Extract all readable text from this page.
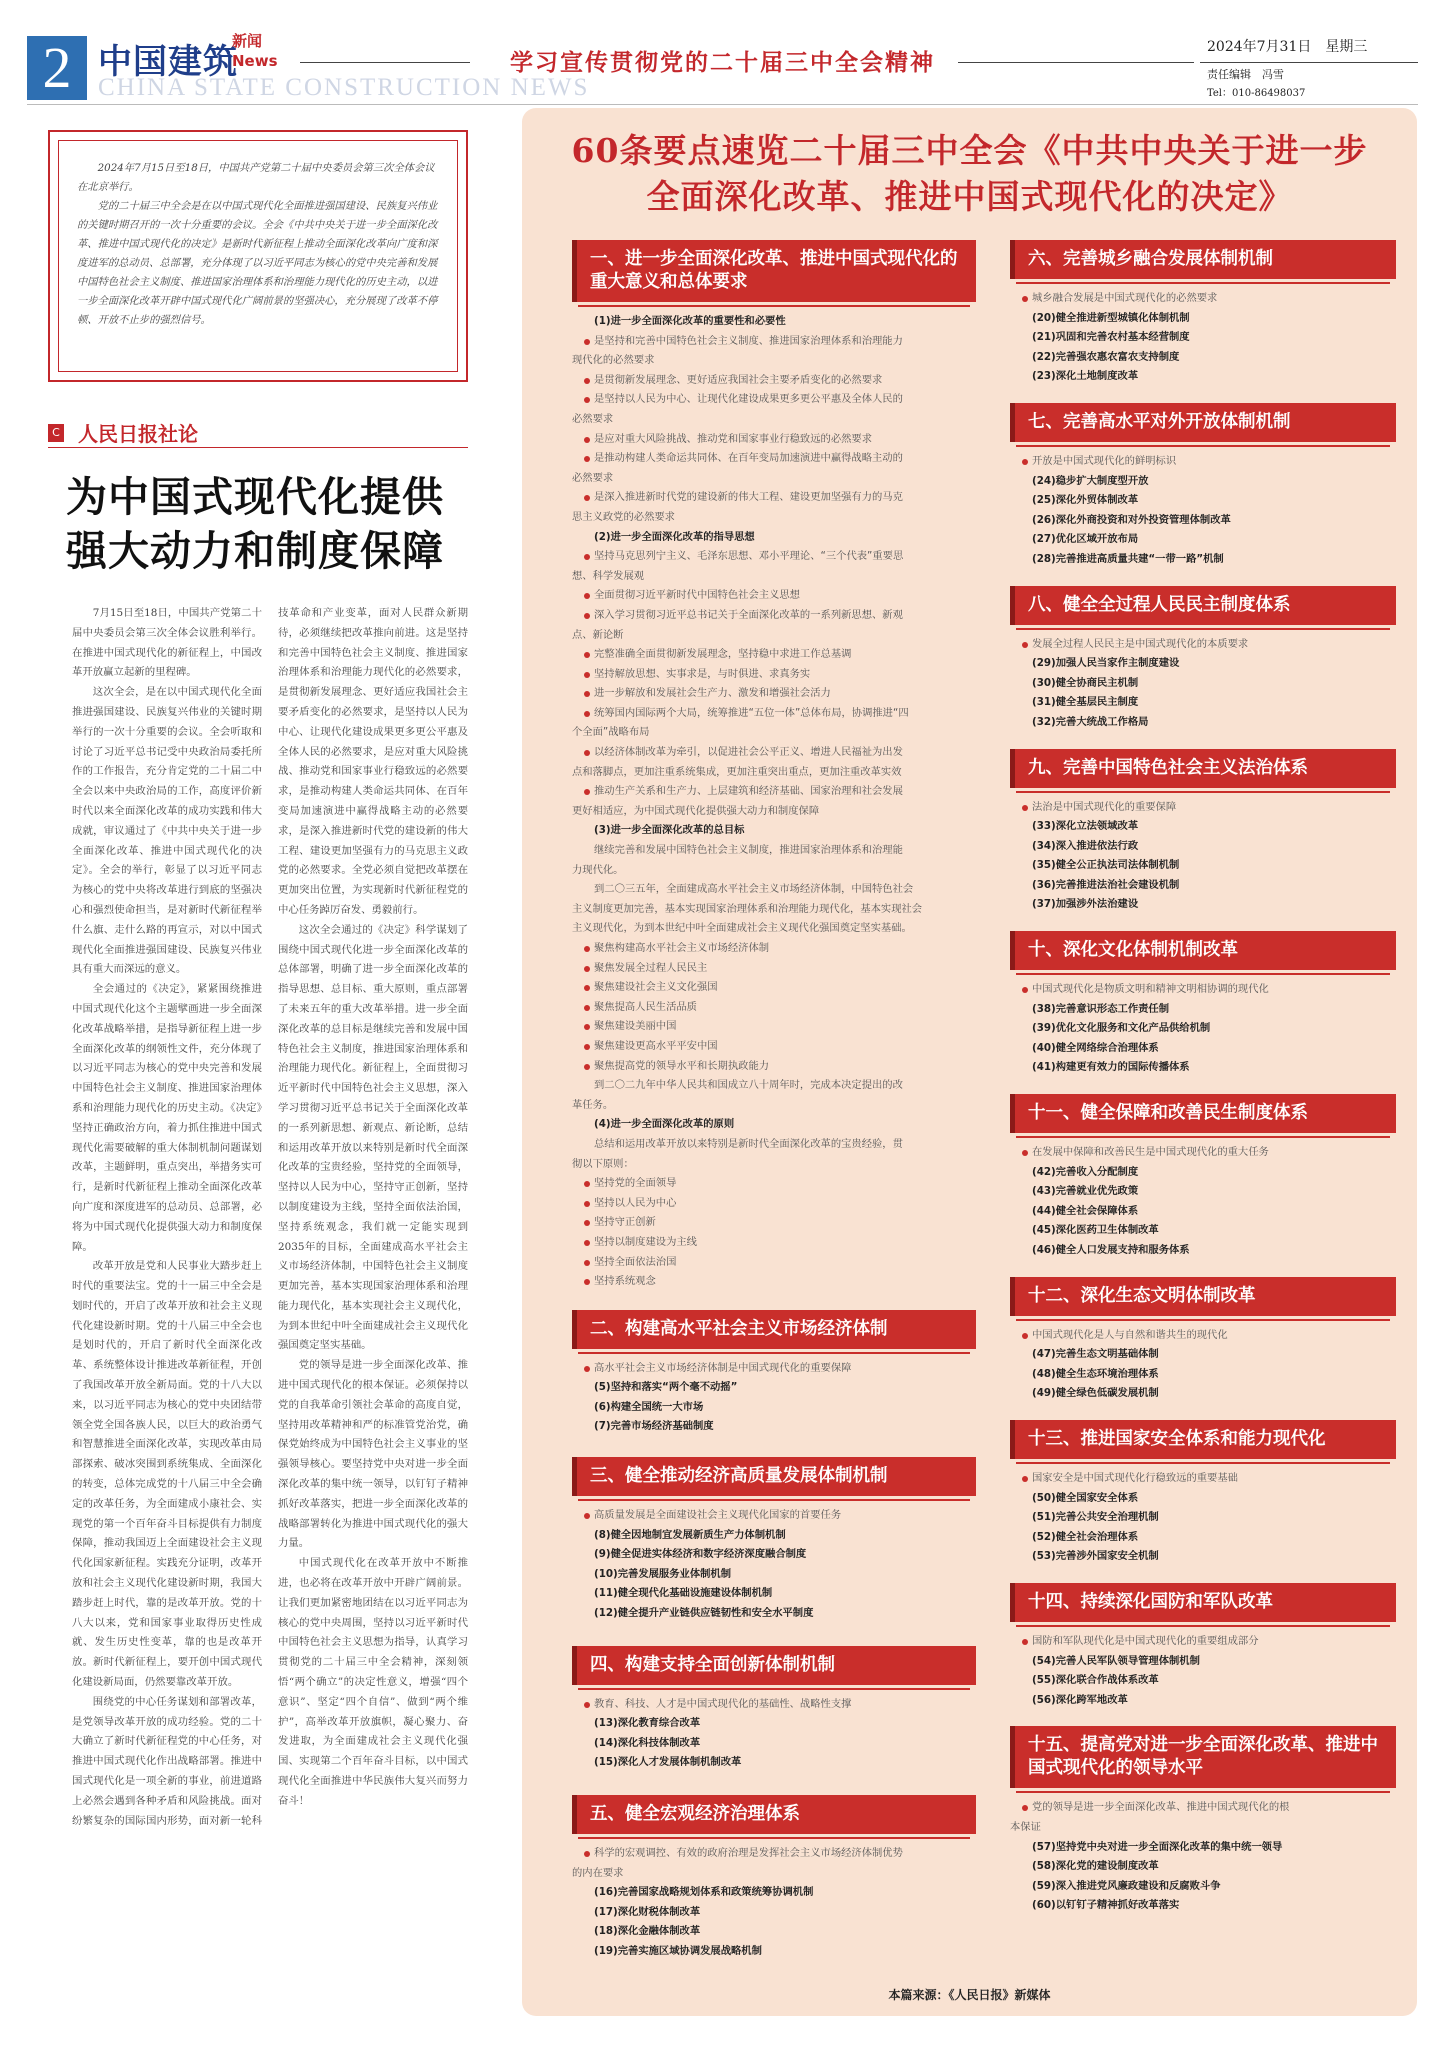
2 中国建筑
新闻
News
CHINA STATE CONSTRUCTION NEWS
学习宣传贯彻党的二十届三中全会精神
2024年7月31日　星期三
责任编辑　冯雪
Tel：010-86498037

2024年7月15日至18日，中国共产党第二十届中央委员会第三次全体会议在北京举行。

党的二十届三中全会是在以中国式现代化全面推进强国建设、民族复兴伟业的关键时期召开的一次十分重要的会议。全会《中共中央关于进一步全面深化改革、推进中国式现代化的决定》是新时代新征程上推动全面深化改革向广度和深度进军的总动员、总部署，充分体现了以习近平同志为核心的党中央完善和发展中国特色社会主义制度、推进国家治理体系和治理能力现代化的历史主动，以进一步全面深化改革开辟中国式现代化广阔前景的坚强决心，充分展现了改革不停顿、开放不止步的强烈信号。

C 人民日报社论
为中国式现代化提供
强大动力和制度保障

7月15日至18日，中国共产党第二十届中央委员会第三次全体会议胜利举行。在推进中国式现代化的新征程上，中国改革开放赢立起新的里程碑。

这次全会，是在以中国式现代化全面推进强国建设、民族复兴伟业的关键时期举行的一次十分重要的会议。全会听取和讨论了习近平总书记受中央政治局委托所作的工作报告，充分肯定党的二十届二中全会以来中央政治局的工作，高度评价新时代以来全面深化改革的成功实践和伟大成就，审议通过了《中共中央关于进一步全面深化改革、推进中国式现代化的决定》。全会的举行，彰显了以习近平同志为核心的党中央将改革进行到底的坚强决心和强烈使命担当，是对新时代新征程举什么旗、走什么路的再宣示，对以中国式现代化全面推进强国建设、民族复兴伟业具有重大而深远的意义。

全会通过的《决定》，紧紧围绕推进中国式现代化这个主题擘画进一步全面深化改革战略举措，是指导新征程上进一步全面深化改革的纲领性文件，充分体现了以习近平同志为核心的党中央完善和发展中国特色社会主义制度、推进国家治理体系和治理能力现代化的历史主动。《决定》坚持正确政治方向，着力抓住推进中国式现代化需要破解的重大体制机制问题谋划改革，主题鲜明，重点突出，举措务实可行，是新时代新征程上推动全面深化改革向广度和深度进军的总动员、总部署，必将为中国式现代化提供强大动力和制度保障。

改革开放是党和人民事业大踏步赶上时代的重要法宝。党的十一届三中全会是划时代的，开启了改革开放和社会主义现代化建设新时期。党的十八届三中全会也是划时代的，开启了新时代全面深化改革、系统整体设计推进改革新征程，开创了我国改革开放全新局面。党的十八大以来，以习近平同志为核心的党中央团结带领全党全国各族人民，以巨大的政治勇气和智慧推进全面深化改革，实现改革由局部探索、破冰突围到系统集成、全面深化的转变，总体完成党的十八届三中全会确定的改革任务，为全面建成小康社会、实现党的第一个百年奋斗目标提供有力制度保障，推动我国迈上全面建设社会主义现代化国家新征程。实践充分证明，改革开放和社会主义现代化建设新时期，我国大踏步赶上时代，靠的是改革开放。党的十八大以来，党和国家事业取得历史性成就、发生历史性变革，靠的也是改革开放。新时代新征程上，要开创中国式现代化建设新局面，仍然要靠改革开放。

围绕党的中心任务谋划和部署改革，是党领导改革开放的成功经验。党的二十大确立了新时代新征程党的中心任务，对推进中国式现代化作出战略部署。推进中国式现代化是一项全新的事业，前进道路上必然会遇到各种矛盾和风险挑战。面对纷繁复杂的国际国内形势，面对新一轮科技革命和产业变革，面对人民群众新期待，必须继续把改革推向前进。这是坚持和完善中国特色社会主义制度、推进国家治理体系和治理能力现代化的必然要求，是贯彻新发展理念、更好适应我国社会主要矛盾变化的必然要求，是坚持以人民为中心、让现代化建设成果更多更公平惠及全体人民的必然要求，是应对重大风险挑战、推动党和国家事业行稳致远的必然要求，是推动构建人类命运共同体、在百年变局加速演进中赢得战略主动的必然要求，是深入推进新时代党的建设新的伟大工程、建设更加坚强有力的马克思主义政党的必然要求。全党必须自觉把改革摆在更加突出位置，为实现新时代新征程党的中心任务踔厉奋发、勇毅前行。

这次全会通过的《决定》科学谋划了围绕中国式现代化进一步全面深化改革的总体部署，明确了进一步全面深化改革的指导思想、总目标、重大原则，重点部署了未来五年的重大改革举措。进一步全面深化改革的总目标是继续完善和发展中国特色社会主义制度，推进国家治理体系和治理能力现代化。新征程上，全面贯彻习近平新时代中国特色社会主义思想，深入学习贯彻习近平总书记关于全面深化改革的一系列新思想、新观点、新论断，总结和运用改革开放以来特别是新时代全面深化改革的宝贵经验，坚持党的全面领导，坚持以人民为中心，坚持守正创新，坚持以制度建设为主线，坚持全面依法治国，坚持系统观念，我们就一定能实现到2035年的目标，全面建成高水平社会主义市场经济体制，中国特色社会主义制度更加完善，基本实现国家治理体系和治理能力现代化，基本实现社会主义现代化，为到本世纪中叶全面建成社会主义现代化强国奠定坚实基础。

党的领导是进一步全面深化改革、推进中国式现代化的根本保证。必须保持以党的自我革命引领社会革命的高度自觉，坚持用改革精神和严的标准管党治党，确保党始终成为中国特色社会主义事业的坚强领导核心。要坚持党中央对进一步全面深化改革的集中统一领导，以钉钉子精神抓好改革落实，把进一步全面深化改革的战略部署转化为推进中国式现代化的强大力量。

中国式现代化在改革开放中不断推进，也必将在改革开放中开辟广阔前景。让我们更加紧密地团结在以习近平同志为核心的党中央周围，坚持以习近平新时代中国特色社会主义思想为指导，认真学习贯彻党的二十届三中全会精神，深刻领悟“两个确立”的决定性意义，增强“四个意识”、坚定“四个自信”、做到“两个维护”，高举改革开放旗帜，凝心聚力、奋发进取，为全面建成社会主义现代化强国、实现第二个百年奋斗目标，以中国式现代化全面推进中华民族伟大复兴而努力奋斗！

60条要点速览二十届三中全会《中共中央关于进一步
全面深化改革、推进中国式现代化的决定》
一、进一步全面深化改革、推进中国式现代化的重大意义和总体要求
(1)进一步全面深化改革的重要性和必要性
是坚持和完善中国特色社会主义制度、推进国家治理体系和治理能力
现代化的必然要求
是贯彻新发展理念、更好适应我国社会主要矛盾变化的必然要求
是坚持以人民为中心、让现代化建设成果更多更公平惠及全体人民的
必然要求
是应对重大风险挑战、推动党和国家事业行稳致远的必然要求
是推动构建人类命运共同体、在百年变局加速演进中赢得战略主动的
必然要求
是深入推进新时代党的建设新的伟大工程、建设更加坚强有力的马克
思主义政党的必然要求
(2)进一步全面深化改革的指导思想
坚持马克思列宁主义、毛泽东思想、邓小平理论、“三个代表”重要思
想、科学发展观
全面贯彻习近平新时代中国特色社会主义思想
深入学习贯彻习近平总书记关于全面深化改革的一系列新思想、新观
点、新论断
完整准确全面贯彻新发展理念，坚持稳中求进工作总基调
坚持解放思想、实事求是，与时俱进、求真务实
进一步解放和发展社会生产力、激发和增强社会活力
统筹国内国际两个大局，统筹推进“五位一体”总体布局，协调推进“四
个全面”战略布局
以经济体制改革为牵引，以促进社会公平正义、增进人民福祉为出发
点和落脚点，更加注重系统集成，更加注重突出重点，更加注重改革实效
推动生产关系和生产力、上层建筑和经济基础、国家治理和社会发展
更好相适应，为中国式现代化提供强大动力和制度保障
(3)进一步全面深化改革的总目标
继续完善和发展中国特色社会主义制度，推进国家治理体系和治理能
力现代化。
到二〇三五年，全面建成高水平社会主义市场经济体制，中国特色社会
主义制度更加完善，基本实现国家治理体系和治理能力现代化，基本实现社会
主义现代化，为到本世纪中叶全面建成社会主义现代化强国奠定坚实基础。
聚焦构建高水平社会主义市场经济体制
聚焦发展全过程人民民主
聚焦建设社会主义文化强国
聚焦提高人民生活品质
聚焦建设美丽中国
聚焦建设更高水平平安中国
聚焦提高党的领导水平和长期执政能力
到二〇二九年中华人民共和国成立八十周年时，完成本决定提出的改
革任务。
(4)进一步全面深化改革的原则
总结和运用改革开放以来特别是新时代全面深化改革的宝贵经验，贯
彻以下原则：
坚持党的全面领导
坚持以人民为中心
坚持守正创新
坚持以制度建设为主线
坚持全面依法治国
坚持系统观念
二、构建高水平社会主义市场经济体制
高水平社会主义市场经济体制是中国式现代化的重要保障
(5)坚持和落实“两个毫不动摇”
(6)构建全国统一大市场
(7)完善市场经济基础制度
三、健全推动经济高质量发展体制机制
高质量发展是全面建设社会主义现代化国家的首要任务
(8)健全因地制宜发展新质生产力体制机制
(9)健全促进实体经济和数字经济深度融合制度
(10)完善发展服务业体制机制
(11)健全现代化基础设施建设体制机制
(12)健全提升产业链供应链韧性和安全水平制度
四、构建支持全面创新体制机制
教育、科技、人才是中国式现代化的基础性、战略性支撑
(13)深化教育综合改革
(14)深化科技体制改革
(15)深化人才发展体制机制改革
五、健全宏观经济治理体系
科学的宏观调控、有效的政府治理是发挥社会主义市场经济体制优势
的内在要求
(16)完善国家战略规划体系和政策统筹协调机制
(17)深化财税体制改革
(18)深化金融体制改革
(19)完善实施区域协调发展战略机制
六、完善城乡融合发展体制机制
城乡融合发展是中国式现代化的必然要求
(20)健全推进新型城镇化体制机制
(21)巩固和完善农村基本经营制度
(22)完善强农惠农富农支持制度
(23)深化土地制度改革
七、完善高水平对外开放体制机制
开放是中国式现代化的鲜明标识
(24)稳步扩大制度型开放
(25)深化外贸体制改革
(26)深化外商投资和对外投资管理体制改革
(27)优化区域开放布局
(28)完善推进高质量共建“一带一路”机制
八、健全全过程人民民主制度体系
发展全过程人民民主是中国式现代化的本质要求
(29)加强人民当家作主制度建设
(30)健全协商民主机制
(31)健全基层民主制度
(32)完善大统战工作格局
九、完善中国特色社会主义法治体系
法治是中国式现代化的重要保障
(33)深化立法领域改革
(34)深入推进依法行政
(35)健全公正执法司法体制机制
(36)完善推进法治社会建设机制
(37)加强涉外法治建设
十、深化文化体制机制改革
中国式现代化是物质文明和精神文明相协调的现代化
(38)完善意识形态工作责任制
(39)优化文化服务和文化产品供给机制
(40)健全网络综合治理体系
(41)构建更有效力的国际传播体系
十一、健全保障和改善民生制度体系
在发展中保障和改善民生是中国式现代化的重大任务
(42)完善收入分配制度
(43)完善就业优先政策
(44)健全社会保障体系
(45)深化医药卫生体制改革
(46)健全人口发展支持和服务体系
十二、深化生态文明体制改革
中国式现代化是人与自然和谐共生的现代化
(47)完善生态文明基础体制
(48)健全生态环境治理体系
(49)健全绿色低碳发展机制
十三、推进国家安全体系和能力现代化
国家安全是中国式现代化行稳致远的重要基础
(50)健全国家安全体系
(51)完善公共安全治理机制
(52)健全社会治理体系
(53)完善涉外国家安全机制
十四、持续深化国防和军队改革
国防和军队现代化是中国式现代化的重要组成部分
(54)完善人民军队领导管理体制机制
(55)深化联合作战体系改革
(56)深化跨军地改革
十五、提高党对进一步全面深化改革、推进中国式现代化的领导水平
党的领导是进一步全面深化改革、推进中国式现代化的根
本保证
(57)坚持党中央对进一步全面深化改革的集中统一领导
(58)深化党的建设制度改革
(59)深入推进党风廉政建设和反腐败斗争
(60)以钉钉子精神抓好改革落实
本篇来源：《人民日报》新媒体
